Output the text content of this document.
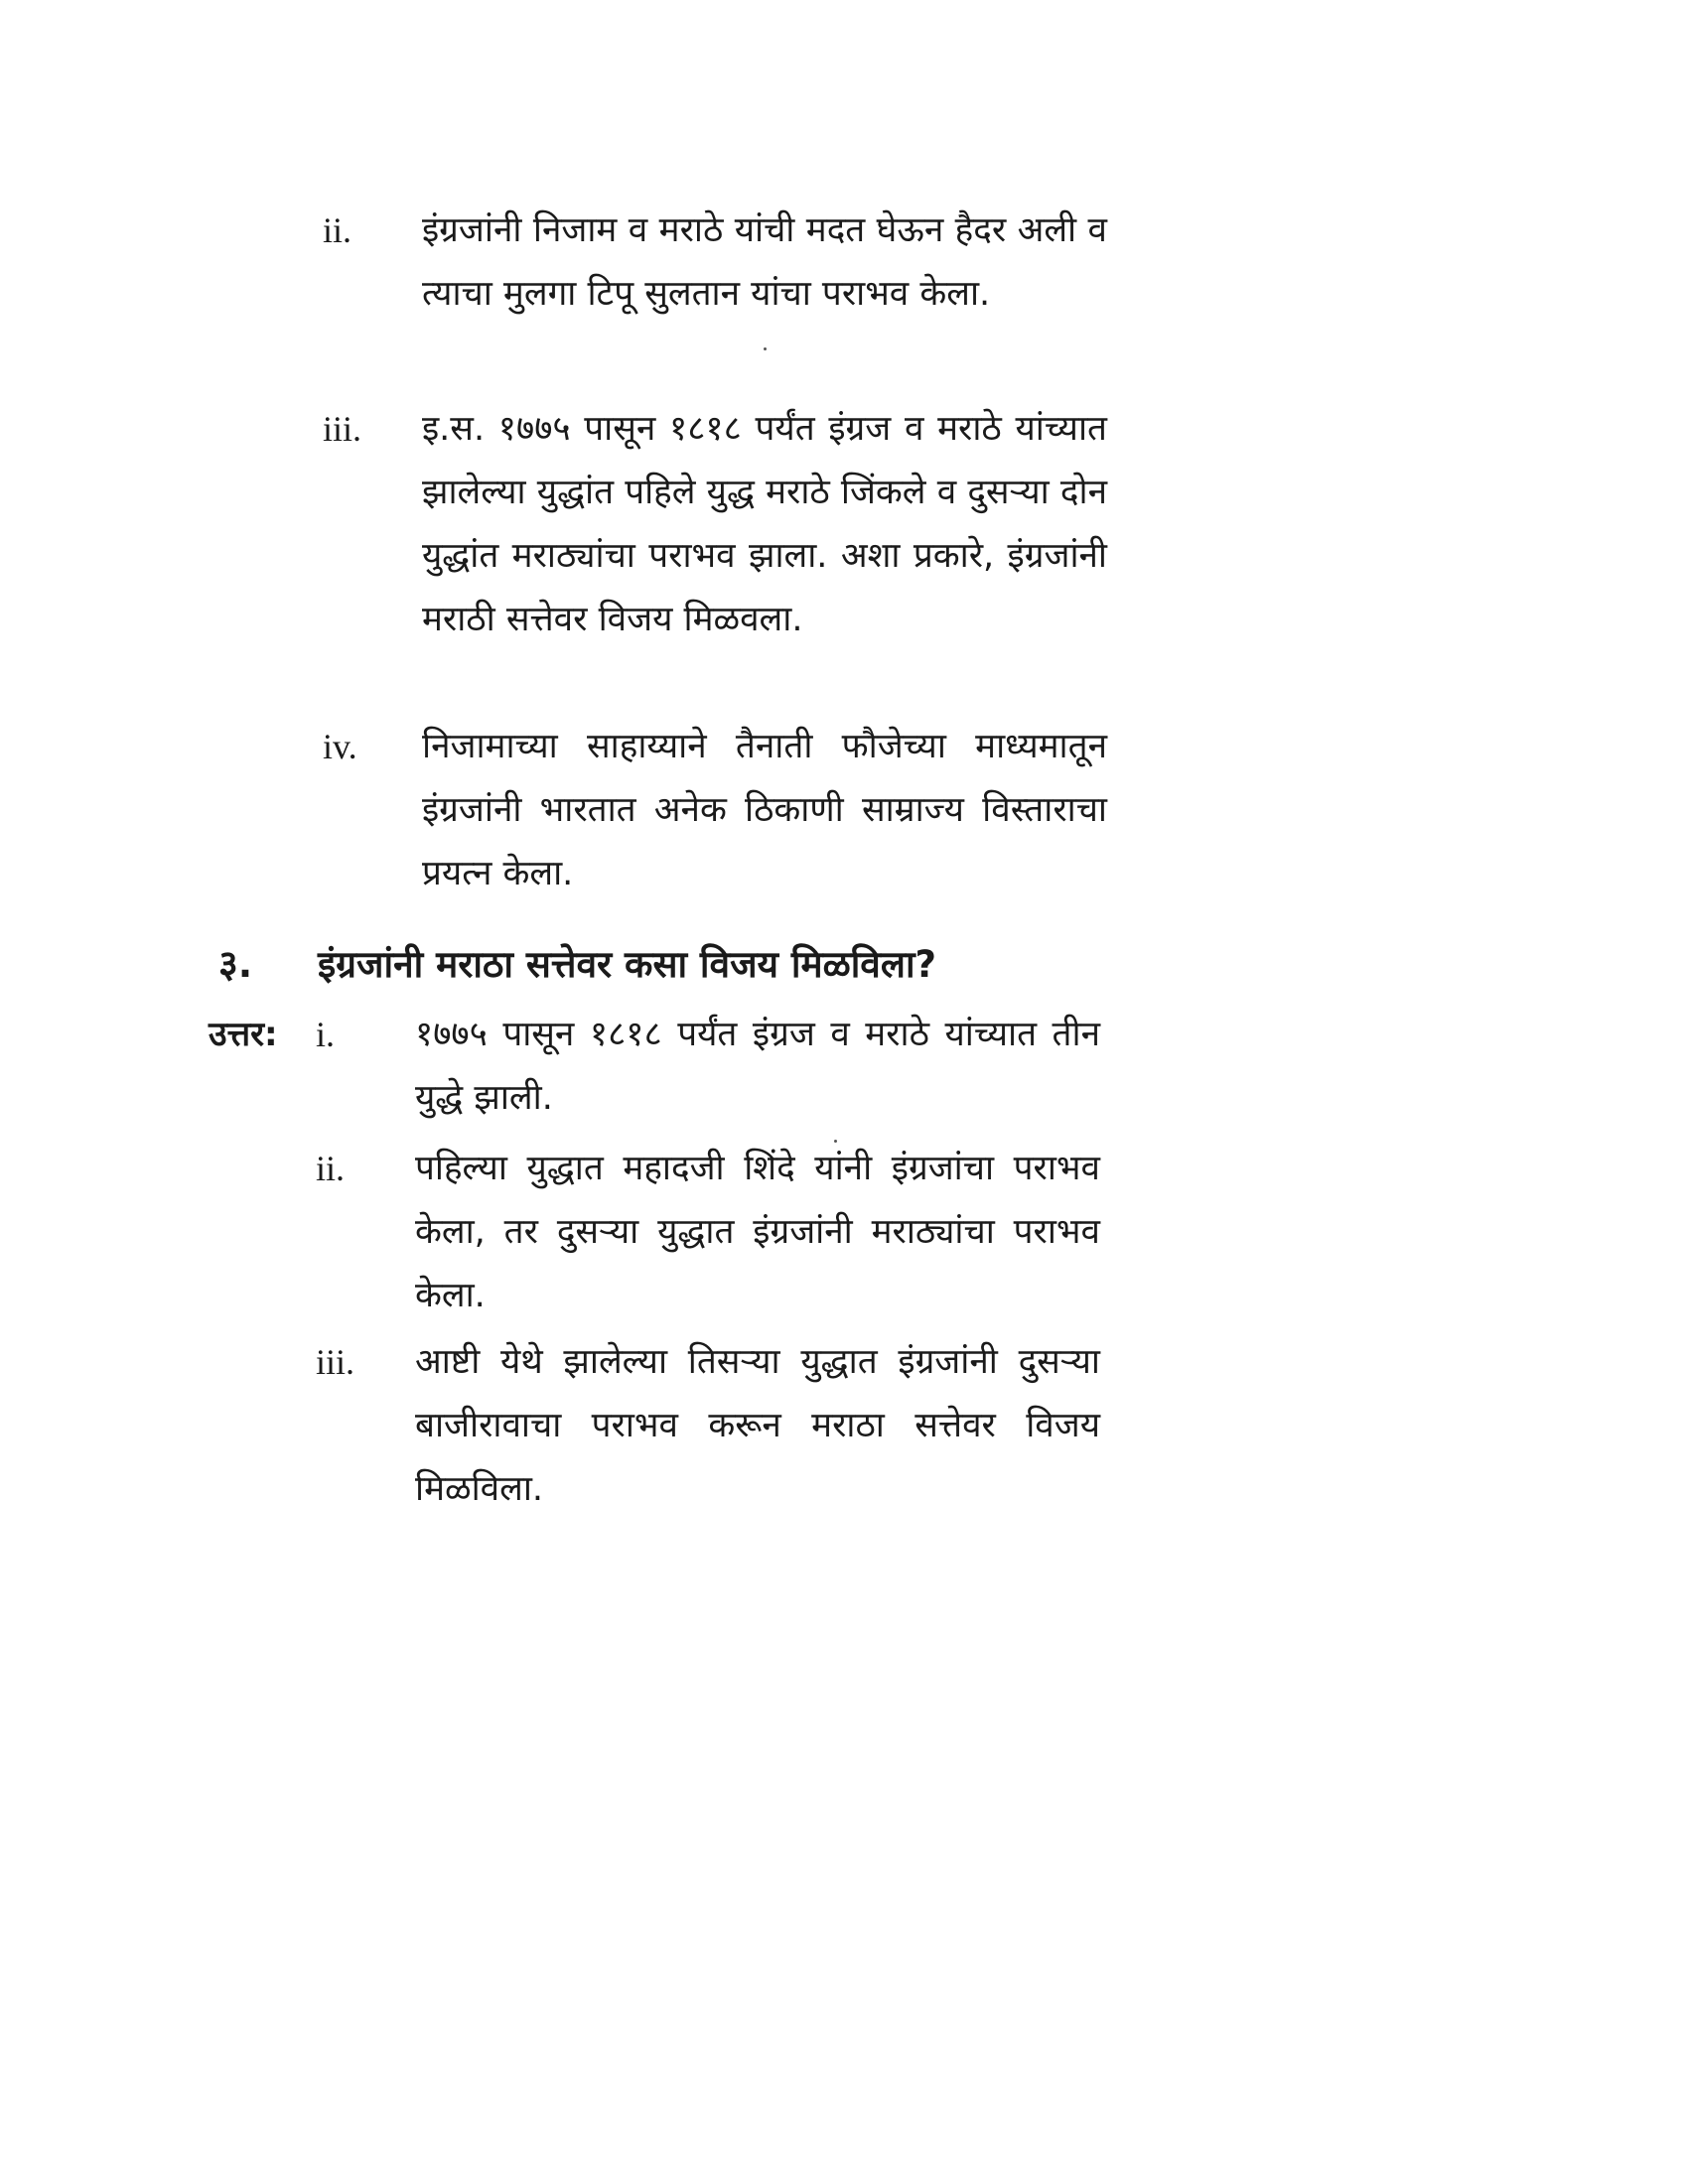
ii.	इंग्रजांनी निजाम व मराठे यांची मदत घेऊन हैदर अली व त्याचा मुलगा टिपू सुलतान यांचा पराभव केला.

iii.	इ.स. १७७५ पासून १८१८ पर्यंत इंग्रज व मराठे यांच्यात झालेल्या युद्धांत पहिले युद्ध मराठे जिंकले व दुसऱ्या दोन युद्धांत मराठ्यांचा पराभव झाला. अशा प्रकारे, इंग्रजांनी मराठी सत्तेवर विजय मिळवला.

iv.	निजामाच्या साहाय्याने तैनाती फौजेच्या माध्यमातून इंग्रजांनी भारतात अनेक ठिकाणी साम्राज्य विस्ताराचा प्रयत्न केला.

३.	इंग्रजांनी मराठा सत्तेवर कसा विजय मिळविला?
उत्तर: i.	१७७५ पासून १८१८ पर्यंत इंग्रज व मराठे यांच्यात तीन युद्धे झाली.

ii.	पहिल्या युद्धात महादजी शिंदे यांनी इंग्रजांचा पराभव केला, तर दुसऱ्या युद्धात इंग्रजांनी मराठ्यांचा पराभव केला.

iii.	आष्टी येथे झालेल्या तिसऱ्या युद्धात इंग्रजांनी दुसऱ्या बाजीरावाचा पराभव करून मराठा सत्तेवर विजय मिळविला.
